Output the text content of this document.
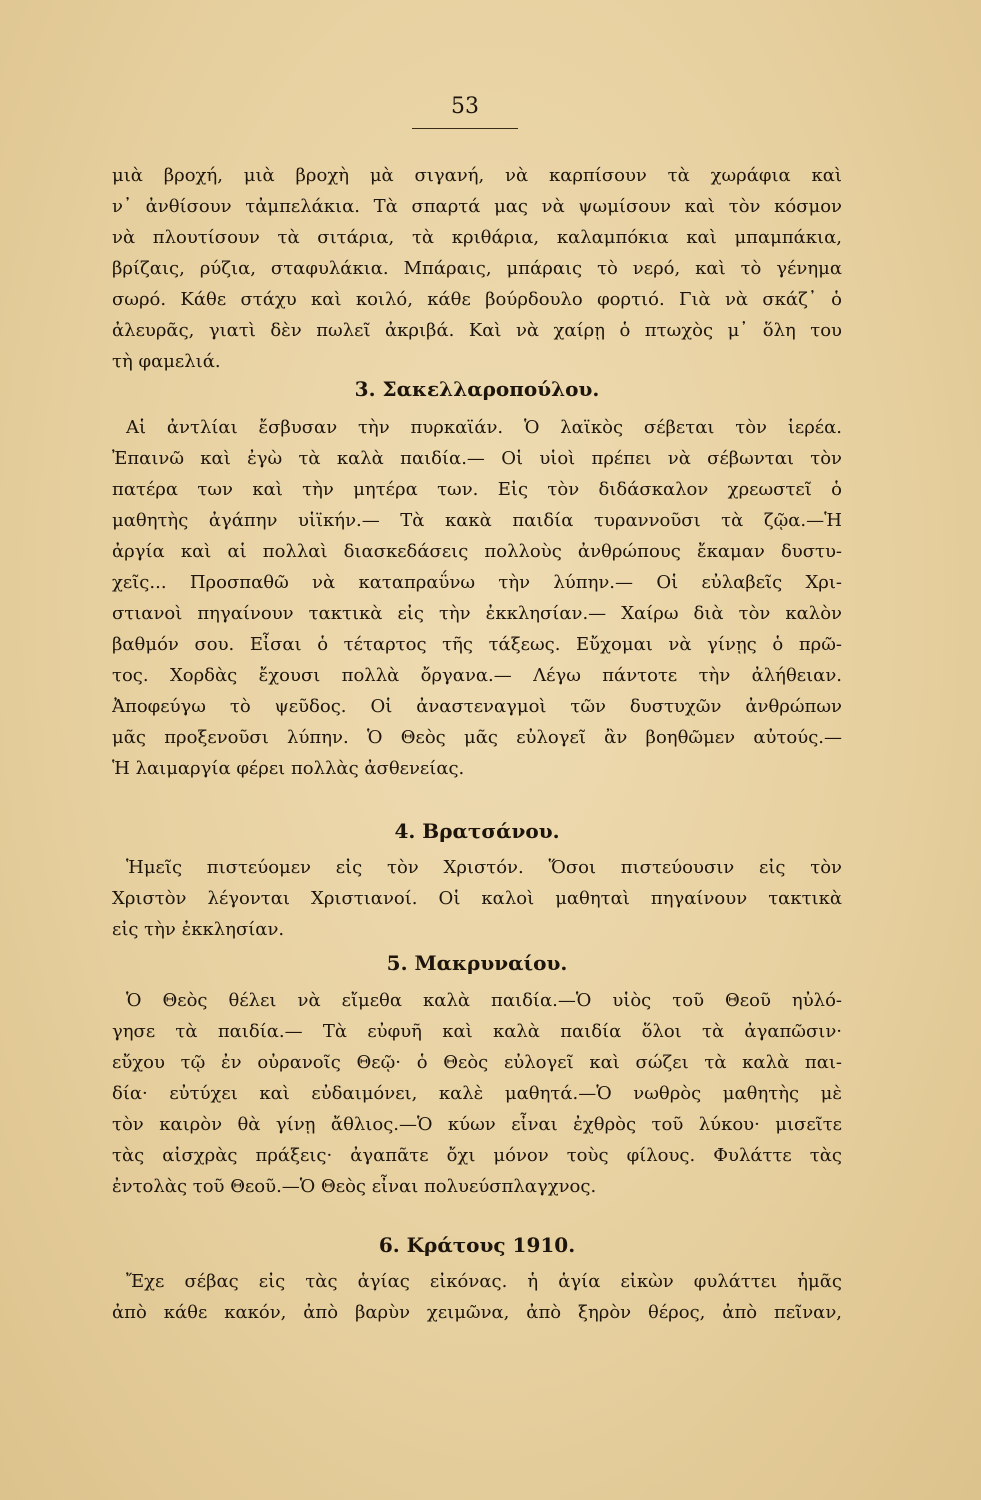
53
μιὰ βροχή, μιὰ βροχὴ μὰ σιγανή, νὰ καρπίσουν τὰ χωράφια καὶ
ν᾽ ἀνθίσουν τἀμπελάκια. Τὰ σπαρτά μας νὰ ψωμίσουν καὶ τὸν κόσμον
νὰ πλουτίσουν τὰ σιτάρια, τὰ κριθάρια, καλαμπόκια καὶ μπαμπάκια,
βρίζαις, ρύζια, σταφυλάκια. Μπάραις, μπάραις τὸ νερό, καὶ τὸ γένημα
σωρό. Κάθε στάχυ καὶ κοιλό, κάθε βούρδουλο φορτιό. Γιὰ νὰ σκάζ᾽ ὁ
ἀλευρᾶς, γιατὶ δὲν πωλεῖ ἀκριβά. Καὶ νὰ χαίρῃ ὁ πτωχὸς μ᾽ ὅλη του
τὴ φαμελιά.
3. Σακελλαροπούλου.
Αἱ ἀντλίαι ἔσβυσαν τὴν πυρκαϊάν. Ὁ λαϊκὸς σέβεται τὸν ἱερέα.
Ἐπαινῶ καὶ ἐγὼ τὰ καλὰ παιδία.— Οἱ υἱοὶ πρέπει νὰ σέβωνται τὸν
πατέρα των καὶ τὴν μητέρα των. Εἰς τὸν διδάσκαλον χρεωστεῖ ὁ
μαθητὴς ἀγάπην υἱϊκήν.— Τὰ κακὰ παιδία τυραννοῦσι τὰ ζῷα.—Ἡ
ἀργία καὶ αἱ πολλαὶ διασκεδάσεις πολλοὺς ἀνθρώπους ἔκαμαν δυστυ-
χεῖς... Προσπαθῶ νὰ καταπραΰνω τὴν λύπην.— Οἱ εὐλαβεῖς Χρι-
στιανοὶ πηγαίνουν τακτικὰ εἰς τὴν ἐκκλησίαν.— Χαίρω διὰ τὸν καλὸν
βαθμόν σου. Εἶσαι ὁ τέταρτος τῆς τάξεως. Εὔχομαι νὰ γίνῃς ὁ πρῶ-
τος. Χορδὰς ἔχουσι πολλὰ ὄργανα.— Λέγω πάντοτε τὴν ἀλήθειαν.
Ἀποφεύγω τὸ ψεῦδος. Οἱ ἀναστεναγμοὶ τῶν δυστυχῶν ἀνθρώπων
μᾶς προξενοῦσι λύπην. Ὁ Θεὸς μᾶς εὐλογεῖ ἂν βοηθῶμεν αὐτούς.—
Ἡ λαιμαργία φέρει πολλὰς ἀσθενείας.
4. Βρατσάνου.
Ἡμεῖς πιστεύομεν εἰς τὸν Χριστόν. Ὅσοι πιστεύουσιν εἰς τὸν
Χριστὸν λέγονται Χριστιανοί. Οἱ καλοὶ μαθηταὶ πηγαίνουν τακτικὰ
εἰς τὴν ἐκκλησίαν.
5. Μακρυναίου.
Ὁ Θεὸς θέλει νὰ εἴμεθα καλὰ παιδία.—Ὁ υἱὸς τοῦ Θεοῦ ηὐλό-
γησε τὰ παιδία.— Τὰ εὐφυῆ καὶ καλὰ παιδία ὅλοι τὰ ἀγαπῶσιν·
εὔχου τῷ ἐν οὐρανοῖς Θεῷ· ὁ Θεὸς εὐλογεῖ καὶ σώζει τὰ καλὰ παι-
δία· εὐτύχει καὶ εὐδαιμόνει, καλὲ μαθητά.—Ὁ νωθρὸς μαθητὴς μὲ
τὸν καιρὸν θὰ γίνῃ ἄθλιος.—Ὁ κύων εἶναι ἐχθρὸς τοῦ λύκου· μισεῖτε
τὰς αἰσχρὰς πράξεις· ἀγαπᾶτε ὄχι μόνον τοὺς φίλους. Φυλάττε τὰς
ἐντολὰς τοῦ Θεοῦ.—Ὁ Θεὸς εἶναι πολυεύσπλαγχνος.
6. Κράτους 1910.
Ἔχε σέβας εἰς τὰς ἁγίας εἰκόνας. ἡ ἁγία εἰκὼν φυλάττει ἡμᾶς
ἀπὸ κάθε κακόν, ἀπὸ βαρὺν χειμῶνα, ἀπὸ ξηρὸν θέρος, ἀπὸ πεῖναν,
